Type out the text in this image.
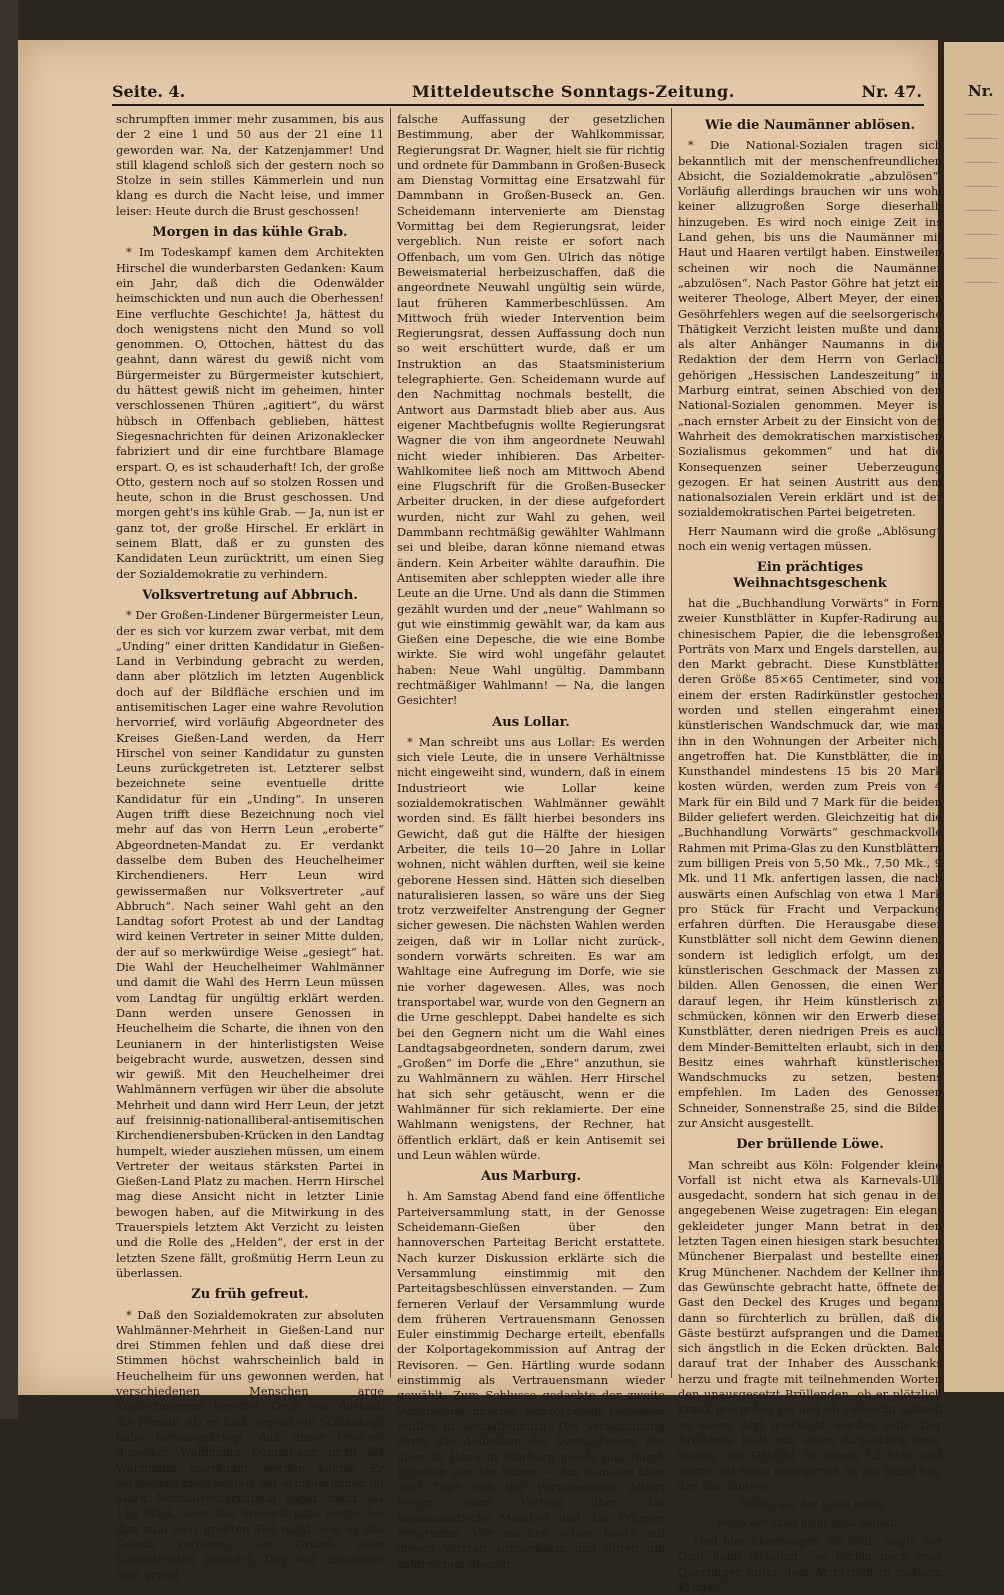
Nr.
Seite. 4.	Mitteldeutsche Sonntags-Zeitung.	Nr. 47.

schrumpften immer mehr zusammen, bis aus der 2 eine 1 und 50 aus der 21 eine 11 geworden war. Na, der Katzenjammer! Und still klagend schloß sich der gestern noch so Stolze in sein stilles Kämmerlein und nun klang es durch die Nacht leise, und immer leiser: Heute durch die Brust geschossen!

Morgen in das kühle Grab.

* Im Todeskampf kamen dem Architekten Hirschel die wunderbarsten Gedanken: Kaum ein Jahr, daß dich die Odenwälder heimschickten und nun auch die Oberhessen! Eine verfluchte Geschichte! Ja, hättest du doch wenigstens nicht den Mund so voll genommen. O, Ottochen, hättest du das geahnt, dann wärest du gewiß nicht vom Bürgermeister zu Bürgermeister kutschiert, du hättest gewiß nicht im geheimen, hinter verschlossenen Thüren „agitiert“, du wärst hübsch in Offenbach geblieben, hättest Siegesnachrichten für deinen Arizonaklecker fabriziert und dir eine furchtbare Blamage erspart. O, es ist schauderhaft! Ich, der große Otto, gestern noch auf so stolzen Rossen und heute, schon in die Brust geschossen. Und morgen geht's ins kühle Grab. — Ja, nun ist er ganz tot, der große Hirschel. Er erklärt in seinem Blatt, daß er zu gunsten des Kandidaten Leun zurücktritt, um einen Sieg der Sozialdemokratie zu verhindern.

Volksvertretung auf Abbruch.

* Der Großen-Lindener Bürgermeister Leun, der es sich vor kurzem zwar verbat, mit dem „Unding“ einer dritten Kandidatur in Gießen-Land in Verbindung gebracht zu werden, dann aber plötzlich im letzten Augenblick doch auf der Bildfläche erschien und im antisemitischen Lager eine wahre Revolution hervorrief, wird vorläufig Abgeordneter des Kreises Gießen-Land werden, da Herr Hirschel von seiner Kandidatur zu gunsten Leuns zurückgetreten ist. Letzterer selbst bezeichnete seine eventuelle dritte Kandidatur für ein „Unding“. In unseren Augen trifft diese Bezeichnung noch viel mehr auf das von Herrn Leun „eroberte“ Abgeordneten-Mandat zu. Er verdankt dasselbe dem Buben des Heuchelheimer Kirchendieners. Herr Leun wird gewissermaßen nur Volksvertreter „auf Abbruch“. Nach seiner Wahl geht an den Landtag sofort Protest ab und der Landtag wird keinen Vertreter in seiner Mitte dulden, der auf so merkwürdige Weise „gesiegt“ hat. Die Wahl der Heuchelheimer Wahlmänner und damit die Wahl des Herrn Leun müssen vom Landtag für ungültig erklärt werden. Dann werden unsere Genossen in Heuchelheim die Scharte, die ihnen von den Leunianern in der hinterlistigsten Weise beigebracht wurde, auswetzen, dessen sind wir gewiß. Mit den Heuchelheimer drei Wahlmännern verfügen wir über die absolute Mehrheit und dann wird Herr Leun, der jetzt auf freisinnig-nationalliberal-antisemitischen Kirchendienersbuben-Krücken in den Landtag humpelt, wieder ausziehen müssen, um einem Vertreter der weitaus stärksten Partei in Gießen-Land Platz zu machen. Herrn Hirschel mag diese Ansicht nicht in letzter Linie bewogen haben, auf die Mitwirkung in des Trauerspiels letztem Akt Verzicht zu leisten und die Rolle des „Helden“, der erst in der letzten Szene fällt, großmütig Herrn Leun zu überlassen.

Zu früh gefreut.

* Daß den Sozialdemokraten zur absoluten Wahlmänner-Mehrheit in Gießen-Land nur drei Stimmen fehlen und daß diese drei Stimmen höchst wahrscheinlich bald in Heuchelheim für uns gewonnen werden, hat verschiedenen Menschen arge Kopfschmerzen bereitet. Groß war deshalb die Freude, als es hieß, irgend ein Schlaukopf habe herausgekriegt, daß unser Großen-Busecker Wahlmann Dammbann nicht als Wahlmann anerkannt werden könne. Er versteuere zwar anstatt der erforderlichen 80 Mark Normalsteuerkapital sogar mehr als 110 Mark, aber das Steuerkapital werde bei ihm zum weit größten Teil nicht, wie es das Gesetz verlange, aus Grund- oder Kapitalrenten gebildet. Das war allerdings eine grund-

falsche Auffassung der gesetzlichen Bestimmung, aber der Wahlkommissar, Regierungsrat Dr. Wagner, hielt sie für richtig und ordnete für Dammbann in Großen-Buseck am Dienstag Vormittag eine Ersatzwahl für Dammbann in Großen-Buseck an. Gen. Scheidemann intervenierte am Dienstag Vormittag bei dem Regierungsrat, leider vergeblich. Nun reiste er sofort nach Offenbach, um vom Gen. Ulrich das nötige Beweismaterial herbeizuschaffen, daß die angeordnete Neuwahl ungültig sein würde, laut früheren Kammerbeschlüssen. Am Mittwoch früh wieder Intervention beim Regierungsrat, dessen Auffassung doch nun so weit erschüttert wurde, daß er um Instruktion an das Staatsministerium telegraphierte. Gen. Scheidemann wurde auf den Nachmittag nochmals bestellt, die Antwort aus Darmstadt blieb aber aus. Aus eigener Machtbefugnis wollte Regierungsrat Wagner die von ihm angeordnete Neuwahl nicht wieder inhibieren. Das Arbeiter-Wahlkomitee ließ noch am Mittwoch Abend eine Flugschrift für die Großen-Busecker Arbeiter drucken, in der diese aufgefordert wurden, nicht zur Wahl zu gehen, weil Dammbann rechtmäßig gewählter Wahlmann sei und bleibe, daran könne niemand etwas ändern. Kein Arbeiter wählte daraufhin. Die Antisemiten aber schleppten wieder alle ihre Leute an die Urne. Und als dann die Stimmen gezählt wurden und der „neue“ Wahlmann so gut wie einstimmig gewählt war, da kam aus Gießen eine Depesche, die wie eine Bombe wirkte. Sie wird wohl ungefähr gelautet haben: Neue Wahl ungültig. Dammbann rechtmäßiger Wahlmann! — Na, die langen Gesichter!

Aus Lollar.

* Man schreibt uns aus Lollar: Es werden sich viele Leute, die in unsere Verhältnisse nicht eingeweiht sind, wundern, daß in einem Industrieort wie Lollar keine sozialdemokratischen Wahlmänner gewählt worden sind. Es fällt hierbei besonders ins Gewicht, daß gut die Hälfte der hiesigen Arbeiter, die teils 10—20 Jahre in Lollar wohnen, nicht wählen durften, weil sie keine geborene Hessen sind. Hätten sich dieselben naturalisieren lassen, so wäre uns der Sieg trotz verzweifelter Anstrengung der Gegner sicher gewesen. Die nächsten Wahlen werden zeigen, daß wir in Lollar nicht zurück-, sondern vorwärts schreiten. Es war am Wahltage eine Aufregung im Dorfe, wie sie nie vorher dagewesen. Alles, was noch transportabel war, wurde von den Gegnern an die Urne geschleppt. Dabei handelte es sich bei den Gegnern nicht um die Wahl eines Landtagsabgeordneten, sondern darum, zwei „Großen“ im Dorfe die „Ehre“ anzuthun, sie zu Wahlmännern zu wählen. Herr Hirschel hat sich sehr getäuscht, wenn er die Wahlmänner für sich reklamierte. Der eine Wahlmann wenigstens, der Rechner, hat öffentlich erklärt, daß er kein Antisemit sei und Leun wählen würde.

Aus Marburg.

h. Am Samstag Abend fand eine öffentliche Parteiversammlung statt, in der Genosse Scheidemann-Gießen über den hannoverschen Parteitag Bericht erstattete. Nach kurzer Diskussion erklärte sich die Versammlung einstimmig mit den Parteitagsbeschlüssen einverstanden. — Zum ferneren Verlauf der Versammlung wurde dem früheren Vertrauensmann Genossen Euler einstimmig Decharge erteilt, ebenfalls der Kolportagekommission auf Antrag der Revisoren. — Gen. Härtling wurde sodann einstimmig als Vertrauensmann wieder gewählt. Zum Schlusse gedachte der zweite Vorsitzende unseres verstorbenen Genossen Müller in Aschaffenburg. Die Versammlung ehrte das Andenken des Verstorbenen, der über 40 Jahre in Marburg gelebt hat, durch Erheben von den Sitzen. — Am Samstag über acht Tage hält der Parteigenosse Albert Meyer einen Vortrag über das kommunistische Manifest und das Erfurter Programm. Wir machen schon heute auf diesen Vortrag aufmerksam und bitten um zahlreichen Besuch.

Wie die Naumänner ablösen.

* Die National-Sozialen tragen sich bekanntlich mit der menschenfreundlichen Absicht, die Sozialdemokratie „abzulösen“. Vorläufig allerdings brauchen wir uns wohl keiner allzugroßen Sorge dieserhalb hinzugeben. Es wird noch einige Zeit ins Land gehen, bis uns die Naumänner mit Haut und Haaren vertilgt haben. Einstweilen scheinen wir noch die Naumänner „abzulösen“. Nach Pastor Göhre hat jetzt ein weiterer Theologe, Albert Meyer, der einen Gesöhrfehlers wegen auf die seelsorgerische Thätigkeit Verzicht leisten mußte und dann als alter Anhänger Naumanns in die Redaktion der dem Herrn von Gerlach gehörigen „Hessischen Landeszeitung“ in Marburg eintrat, seinen Abschied von den National-Sozialen genommen. Meyer ist „nach ernster Arbeit zu der Einsicht von der Wahrheit des demokratischen marxistischen Sozialismus gekommen“ und hat die Konsequenzen seiner Ueberzeugung gezogen. Er hat seinen Austritt aus dem nationalsozialen Verein erklärt und ist der sozialdemokratischen Partei beigetreten.

Herr Naumann wird die große „Ablösung“ noch ein wenig vertagen müssen.

Ein prächtiges Weihnachtsgeschenk

hat die „Buchhandlung Vorwärts“ in Form zweier Kunstblätter in Kupfer-Radirung auf chinesischem Papier, die die lebensgroßen Porträts von Marx und Engels darstellen, auf den Markt gebracht. Diese Kunstblätter, deren Größe 85×65 Centimeter, sind von einem der ersten Radirkünstler gestochen worden und stellen eingerahmt einen künstlerischen Wandschmuck dar, wie man ihn in den Wohnungen der Arbeiter nicht angetroffen hat. Die Kunstblätter, die im Kunsthandel mindestens 15 bis 20 Mark kosten würden, werden zum Preis von 4 Mark für ein Bild und 7 Mark für die beiden Bilder geliefert werden. Gleichzeitig hat die „Buchhandlung Vorwärts“ geschmackvolle Rahmen mit Prima-Glas zu den Kunstblättern zum billigen Preis von 5,50 Mk., 7,50 Mk., 9 Mk. und 11 Mk. anfertigen lassen, die nach auswärts einen Aufschlag von etwa 1 Mark pro Stück für Fracht und Verpackung erfahren dürften. Die Herausgabe dieser Kunstblätter soll nicht dem Gewinn dienen, sondern ist lediglich erfolgt, um den künstlerischen Geschmack der Massen zu bilden. Allen Genossen, die einen Wert darauf legen, ihr Heim künstlerisch zu schmücken, können wir den Erwerb dieser Kunstblätter, deren niedrigen Preis es auch dem Minder-Bemittelten erlaubt, sich in den Besitz eines wahrhaft künstlerischen Wandschmucks zu setzen, bestens empfehlen. Im Laden des Genossen Schneider, Sonnenstraße 25, sind die Bilder zur Ansicht ausgestellt.

Der brüllende Löwe.

Man schreibt aus Köln: Folgender kleine Vorfall ist nicht etwa als Karnevals-Ulk ausgedacht, sondern hat sich genau in der angegebenen Weise zugetragen: Ein elegant gekleideter junger Mann betrat in den letzten Tagen einen hiesigen stark besuchten Münchener Bierpalast und bestellte einen Krug Münchener. Nachdem der Kellner ihm das Gewünschte gebracht hatte, öffnete der Gast den Deckel des Kruges und begann dann so fürchterlich zu brüllen, daß die Gäste bestürzt aufsprangen und die Damen sich ängstlich in die Ecken drückten. Bald darauf trat der Inhaber des Ausschanks herzu und fragte mit teilnehmenden Worten den unausgesetzt Brüllenden, ob er plötzlich krank geworden sei und ob vielleicht schnell zu einem Arzt geschickt werden solle. Der Brüllende hielt nun einen Augenblick inne, verzog das Gesicht zu einem Lächeln und zeigte auf einen Sinnspruch an der Wand hin, der also lautete:

„Brülle, wie der Löwe brüllt,

Wenn der Krug nicht ganz gefüllt!“

„Und hier überzeugen Sie sich“, sagte der Gast dann lächelnd, „es fehlen noch zwei Querfinger unter dem Aichstrich in meinem Kruge!“
